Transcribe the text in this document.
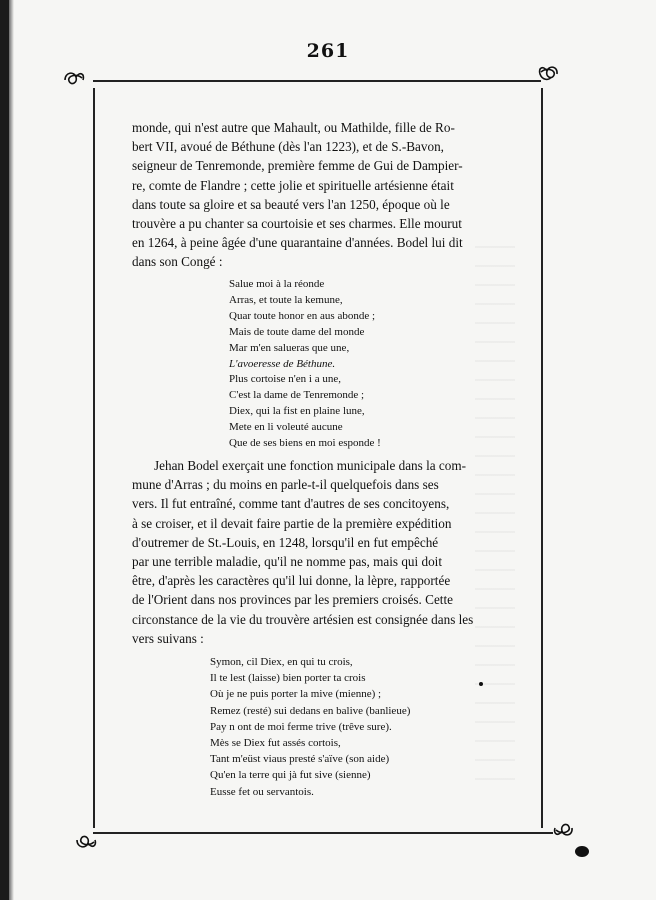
261
monde, qui n'est autre que Mahault, ou Mathilde, fille de Ro-
bert VII, avoué de Béthune (dès l'an 1223), et de S.-Bavon,
seigneur de Tenremonde, première femme de Gui de Dampier-
re, comte de Flandre ; cette jolie et spirituelle artésienne était
dans toute sa gloire et sa beauté vers l'an 1250, époque où le
trouvère a pu chanter sa courtoisie et ses charmes. Elle mourut
en 1264, à peine âgée d'une quarantaine d'années. Bodel lui dit
dans son Congé :
Salue moi à la réonde
Arras, et toute la kemune,
Quar toute honor en aus abonde ;
Mais de toute dame del monde
Mar m'en salueras que une,
L'avoeresse de Béthune.
Plus cortoise n'en i a une,
C'est la dame de Tenremonde ;
Diex, qui la fist en plaine lune,
Mete en li voleuté aucune
Que de ses biens en moi esponde !
Jehan Bodel exerçait une fonction municipale dans la com-
mune d'Arras ; du moins en parle-t-il quelquefois dans ses
vers. Il fut entraîné, comme tant d'autres de ses concitoyens,
à se croiser, et il devait faire partie de la première expédition
d'outremer de St.-Louis, en 1248, lorsqu'il en fut empêché
par une terrible maladie, qu'il ne nomme pas, mais qui doit
être, d'après les caractères qu'il lui donne, la lèpre, rapportée
de l'Orient dans nos provinces par les premiers croisés. Cette
circonstance de la vie du trouvère artésien est consignée dans les
vers suivans :
Symon, cil Diex, en qui tu crois,
Il te lest (laisse) bien porter ta crois
Où je ne puis porter la mive (mienne) ;
Remez (resté) sui dedans en balive (banlieue)
Pay n ont de moi ferme trive (trêve sure).
Mès se Diex fut assés cortois,
Tant m'eüst viaus presté s'aïve (son aide)
Qu'en la terre qui jà fut sive (sienne)
Eusse fet ou servantois.
